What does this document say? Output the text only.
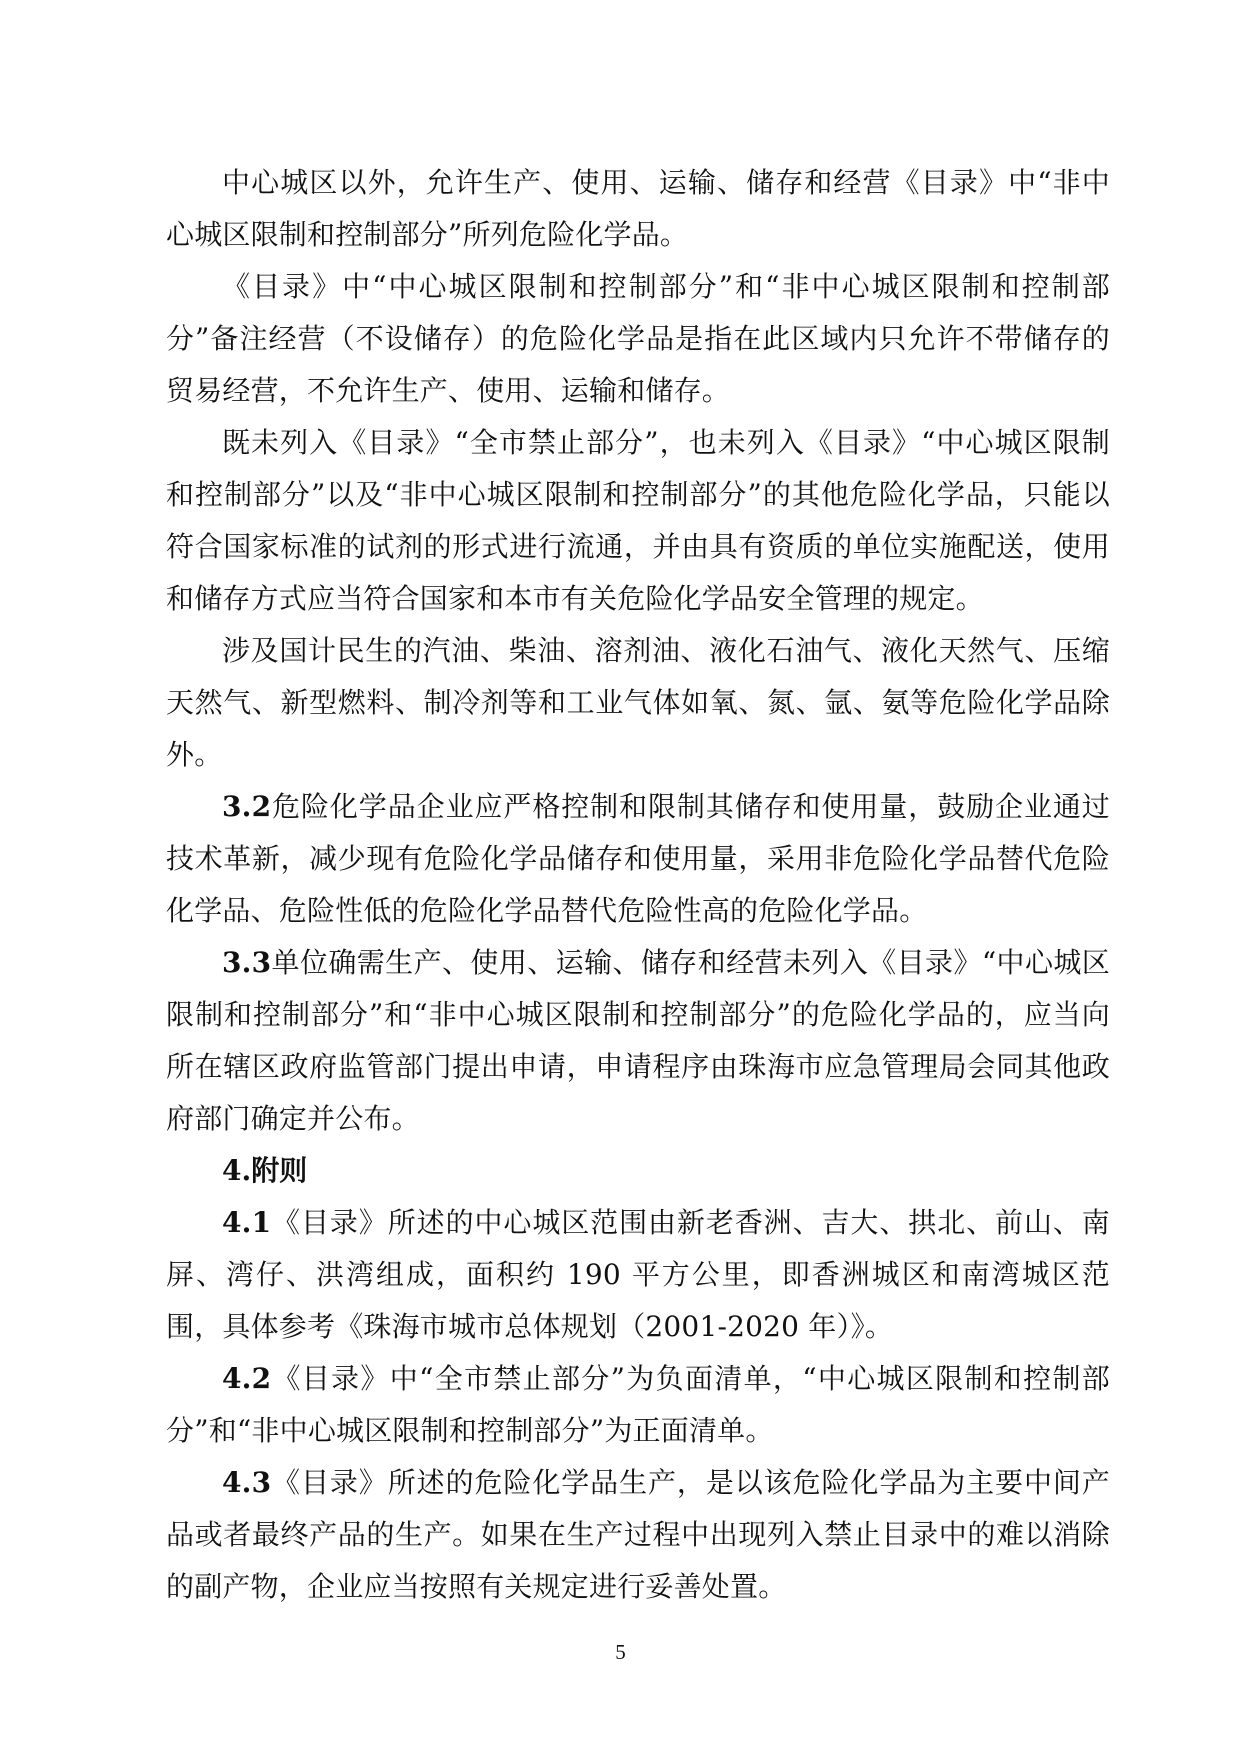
中心城区以外，允许生产、使用、运输、储存和经营《目录》中“非中心城区限制和控制部分”所列危险化学品。

《目录》中“中心城区限制和控制部分”和“非中心城区限制和控制部分”备注经营（不设储存）的危险化学品是指在此区域内只允许不带储存的贸易经营，不允许生产、使用、运输和储存。

既未列入《目录》“全市禁止部分”，也未列入《目录》“中心城区限制和控制部分”以及“非中心城区限制和控制部分”的其他危险化学品，只能以符合国家标准的试剂的形式进行流通，并由具有资质的单位实施配送，使用和储存方式应当符合国家和本市有关危险化学品安全管理的规定。

涉及国计民生的汽油、柴油、溶剂油、液化石油气、液化天然气、压缩天然气、新型燃料、制冷剂等和工业气体如氧、氮、氩、氨等危险化学品除外。

3.2危险化学品企业应严格控制和限制其储存和使用量，鼓励企业通过技术革新，减少现有危险化学品储存和使用量，采用非危险化学品替代危险化学品、危险性低的危险化学品替代危险性高的危险化学品。

3.3单位确需生产、使用、运输、储存和经营未列入《目录》“中心城区限制和控制部分”和“非中心城区限制和控制部分”的危险化学品的，应当向所在辖区政府监管部门提出申请，申请程序由珠海市应急管理局会同其他政府部门确定并公布。

4.附则

4.1《目录》所述的中心城区范围由新老香洲、吉大、拱北、前山、南屏、湾仔、洪湾组成，面积约 190 平方公里，即香洲城区和南湾城区范围，具体参考《珠海市城市总体规划（2001-2020 年）》。

4.2《目录》中“全市禁止部分”为负面清单，“中心城区限制和控制部分”和“非中心城区限制和控制部分”为正面清单。

4.3《目录》所述的危险化学品生产，是以该危险化学品为主要中间产品或者最终产品的生产。如果在生产过程中出现列入禁止目录中的难以消除的副产物，企业应当按照有关规定进行妥善处置。

5
